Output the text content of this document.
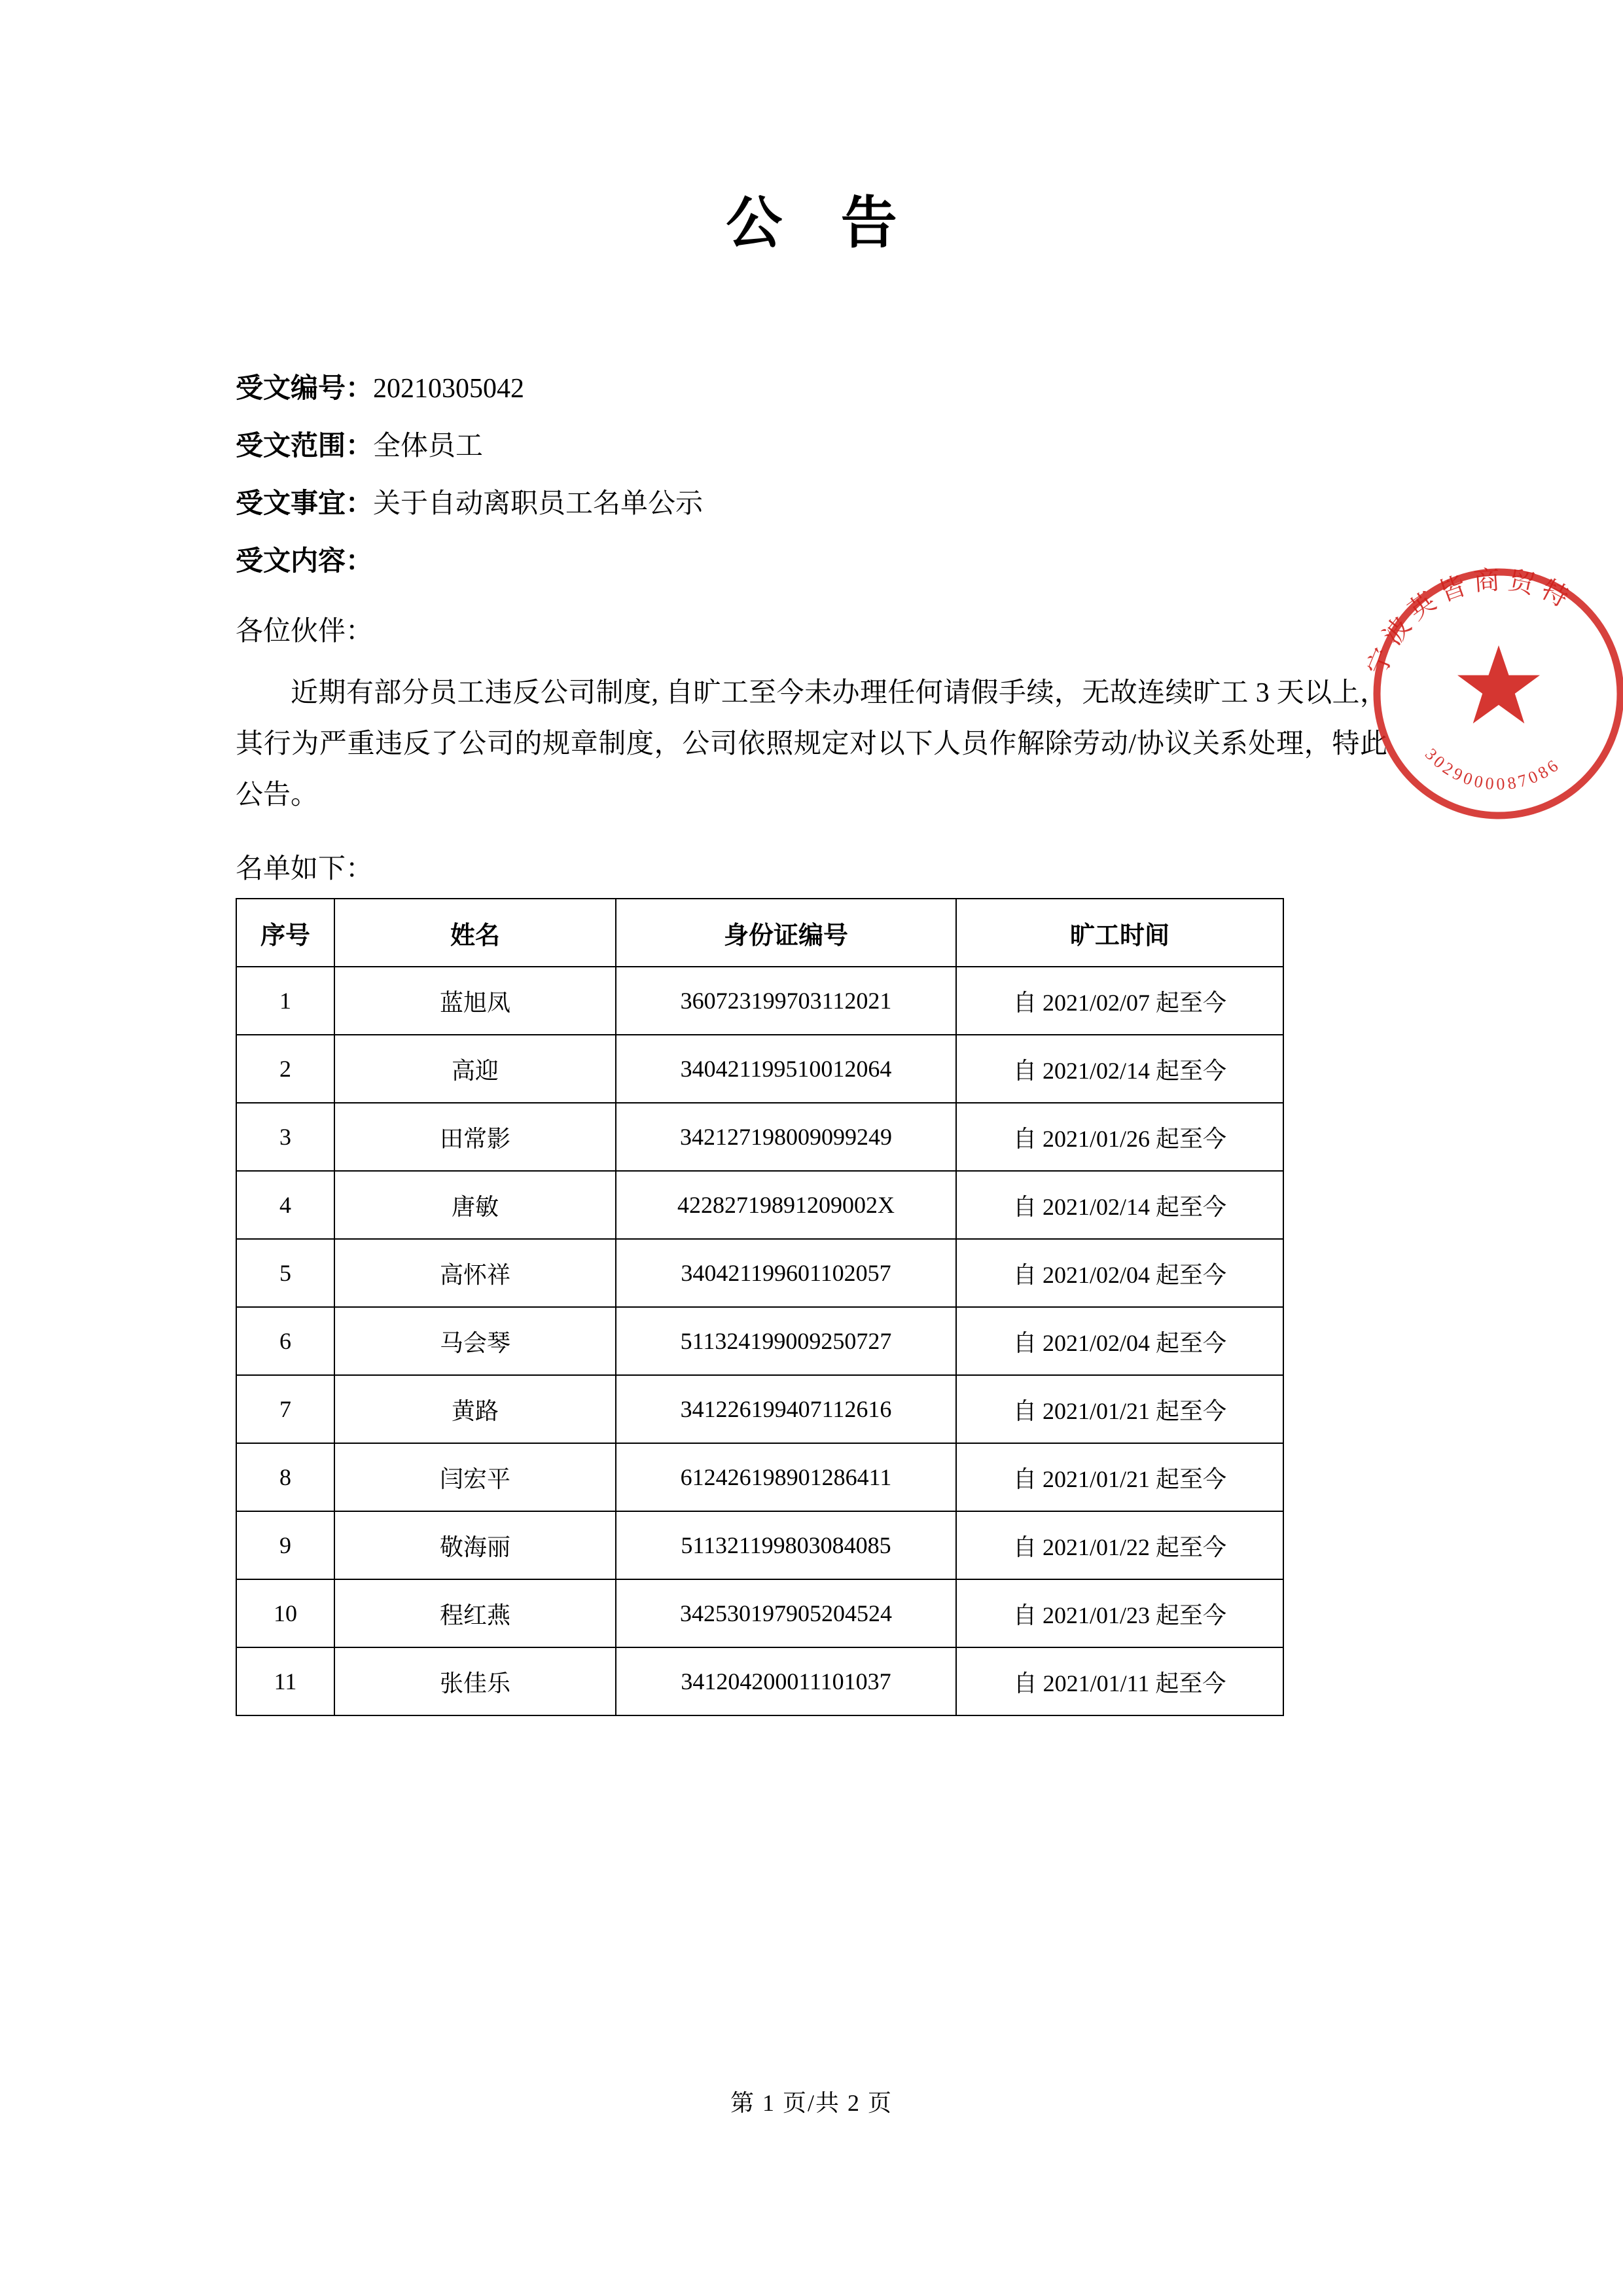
公 告
受文编号：20210305042
受文范围：全体员工
受文事宜：关于自动离职员工名单公示
受文内容：

各位伙伴：

近期有部分员工违反公司制度, 自旷工至今未办理任何请假手续，无故连续旷工 3 天以上，其行为严重违反了公司的规章制度，公司依照规定对以下人员作解除劳动/协议关系处理，特此公告。

名单如下：

序号	姓名	身份证编号	旷工时间
1	蓝旭凤	360723199703112021	自 2021/02/07 起至今
2	高迎	340421199510012064	自 2021/02/14 起至今
3	田常影	342127198009099249	自 2021/01/26 起至今
4	唐敏	42282719891209002X	自 2021/02/14 起至今
5	高怀祥	340421199601102057	自 2021/02/04 起至今
6	马会琴	511324199009250727	自 2021/02/04 起至今
7	黄路	341226199407112616	自 2021/01/21 起至今
8	闫宏平	612426198901286411	自 2021/01/21 起至今
9	敬海丽	511321199803084085	自 2021/01/22 起至今
10	程红燕	342530197905204524	自 2021/01/23 起至今
11	张佳乐	341204200011101037	自 2021/01/11 起至今
宁波英皆商贸特
3029000087086
第 1 页/共 2 页
